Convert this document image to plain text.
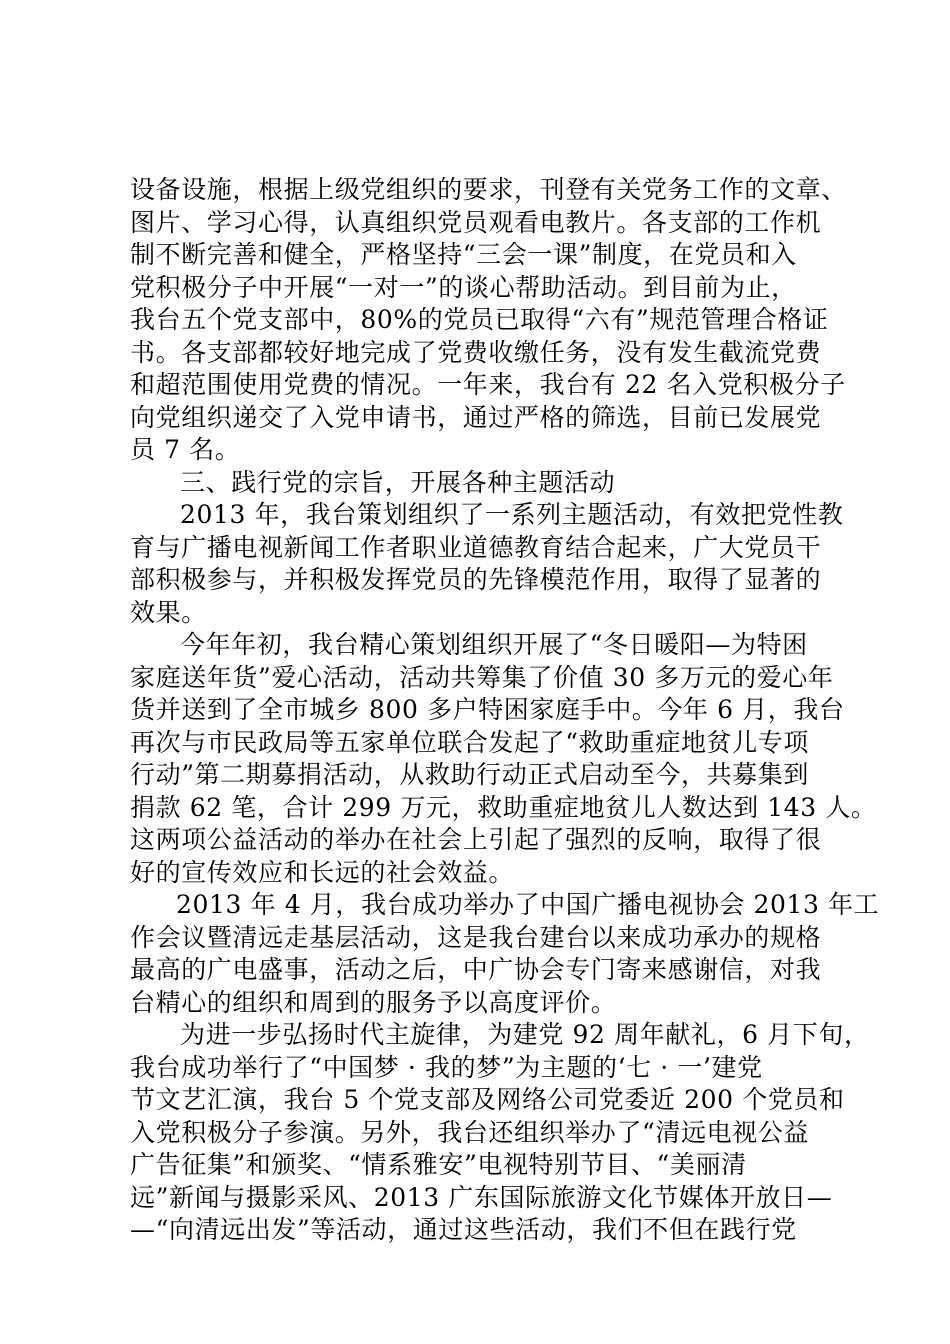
设备设施，根据上级党组织的要求，刊登有关党务工作的文章、
图片、学习心得，认真组织党员观看电教片。各支部的工作机
制不断完善和健全，严格坚持“三会一课”制度，在党员和入
党积极分子中开展“一对一”的谈心帮助活动。到目前为止，
我台五个党支部中，80%的党员已取得“六有”规范管理合格证
书。各支部都较好地完成了党费收缴任务，没有发生截流党费
和超范围使用党费的情况。一年来，我台有 22 名入党积极分子
向党组织递交了入党申请书，通过严格的筛选，目前已发展党
员 7 名。
三、践行党的宗旨，开展各种主题活动
2013 年，我台策划组织了一系列主题活动，有效把党性教
育与广播电视新闻工作者职业道德教育结合起来，广大党员干
部积极参与，并积极发挥党员的先锋模范作用，取得了显著的
效果。
今年年初，我台精心策划组织开展了“冬日暖阳—为特困
家庭送年货”爱心活动，活动共筹集了价值 30 多万元的爱心年
货并送到了全市城乡 800 多户特困家庭手中。今年 6 月，我台
再次与市民政局等五家单位联合发起了“救助重症地贫儿专项
行动”第二期募捐活动，从救助行动正式启动至今，共募集到
捐款 62 笔，合计 299 万元，救助重症地贫儿人数达到 143 人。
这两项公益活动的举办在社会上引起了强烈的反响，取得了很
好的宣传效应和长远的社会效益。
2013 年 4 月，我台成功举办了中国广播电视协会 2013 年工
作会议暨清远走基层活动，这是我台建台以来成功承办的规格
最高的广电盛事，活动之后，中广协会专门寄来感谢信，对我
台精心的组织和周到的服务予以高度评价。
为进一步弘扬时代主旋律，为建党 92 周年献礼，6 月下旬，
我台成功举行了“中国梦 · 我的梦”为主题的‘七 · 一’建党
节文艺汇演，我台 5 个党支部及网络公司党委近 200 个党员和
入党积极分子参演。另外，我台还组织举办了“清远电视公益
广告征集”和颁奖、“情系雅安”电视特别节目、“美丽清
远”新闻与摄影采风、2013 广东国际旅游文化节媒体开放日—
—“向清远出发”等活动，通过这些活动，我们不但在践行党
